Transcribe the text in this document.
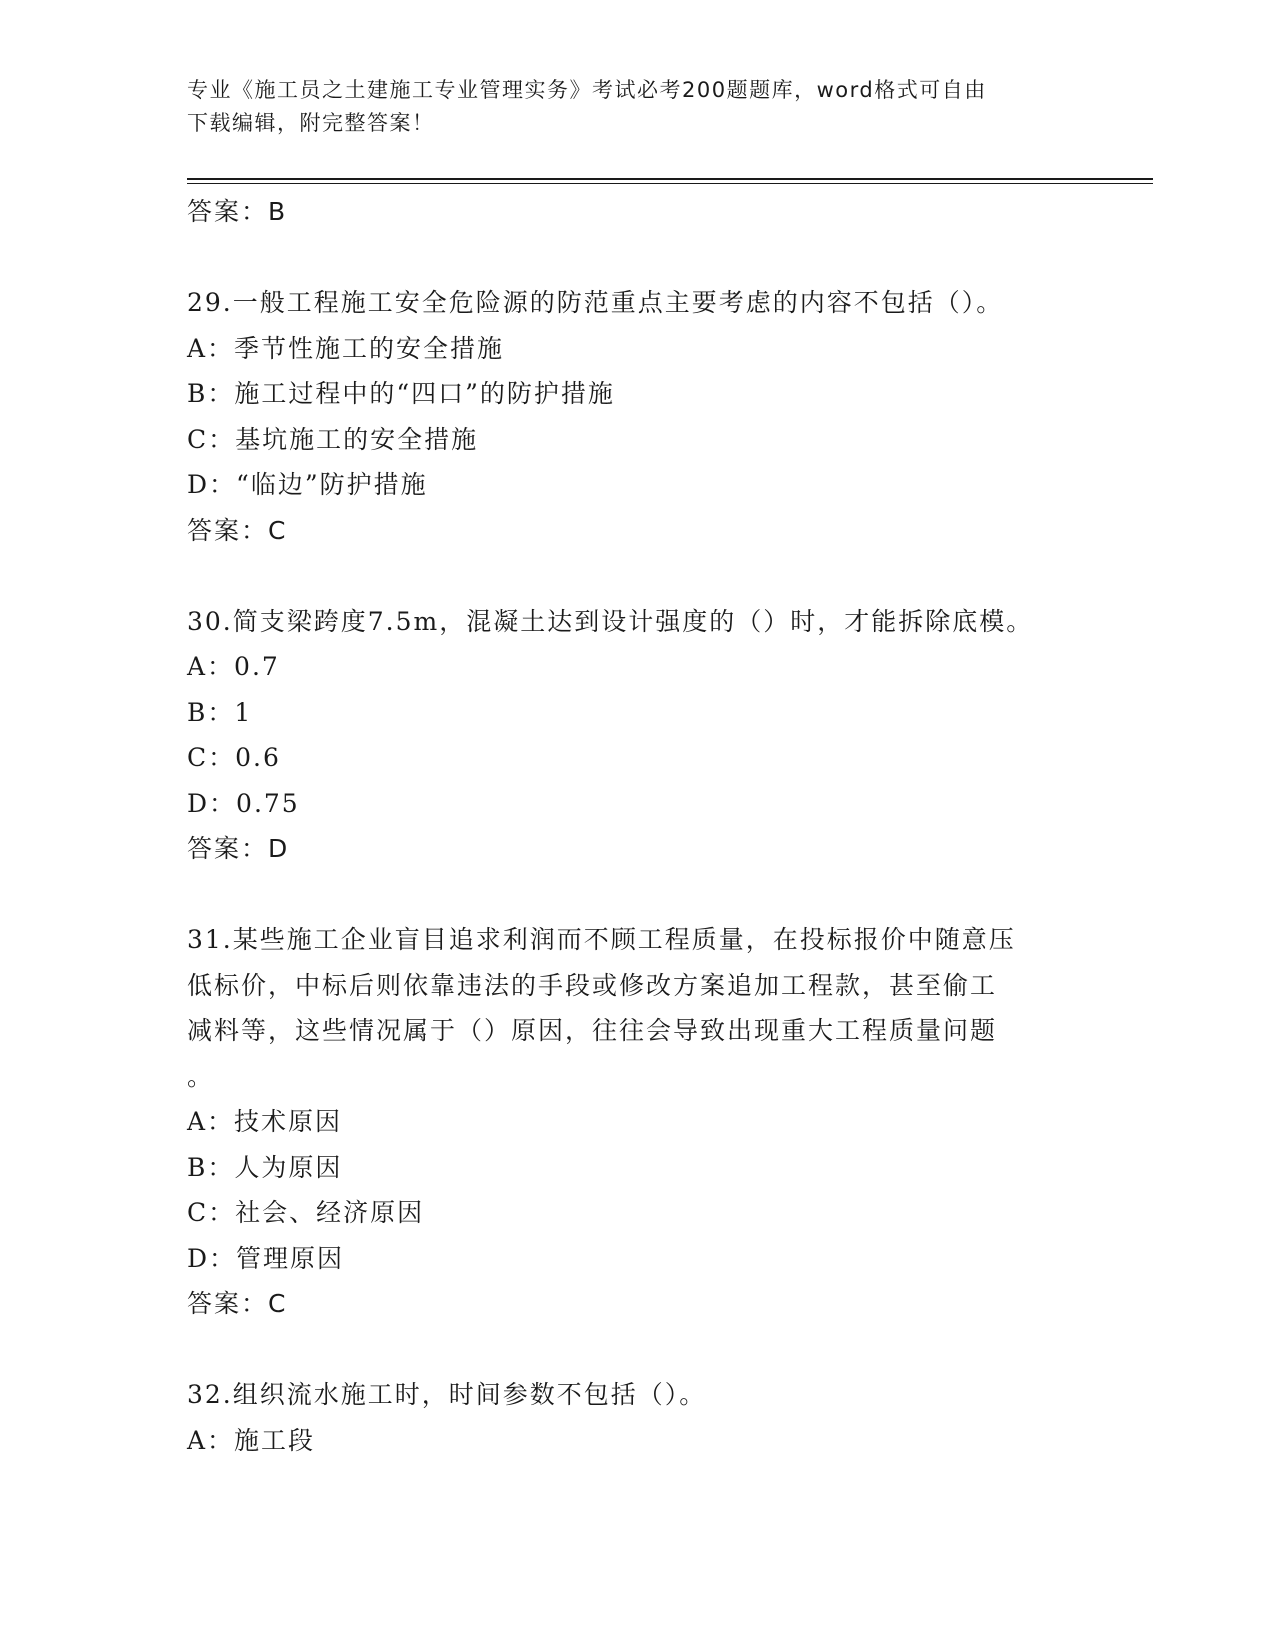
专业《施工员之土建施工专业管理实务》考试必考200题题库，word格式可自由
下载编辑，附完整答案！
答案：B
29.一般工程施工安全危险源的防范重点主要考虑的内容不包括（）。
A：季节性施工的安全措施
B：施工过程中的“四口”的防护措施
C：基坑施工的安全措施
D：“临边”防护措施
答案：C
30.简支梁跨度7.5m，混凝土达到设计强度的（）时，才能拆除底模。
A：0.7
B：1
C：0.6
D：0.75
答案：D
31.某些施工企业盲目追求利润而不顾工程质量，在投标报价中随意压
低标价，中标后则依靠违法的手段或修改方案追加工程款，甚至偷工
减料等，这些情况属于（）原因，往往会导致出现重大工程质量问题
。
A：技术原因
B：人为原因
C：社会、经济原因
D：管理原因
答案：C
32.组织流水施工时，时间参数不包括（）。
A：施工段
